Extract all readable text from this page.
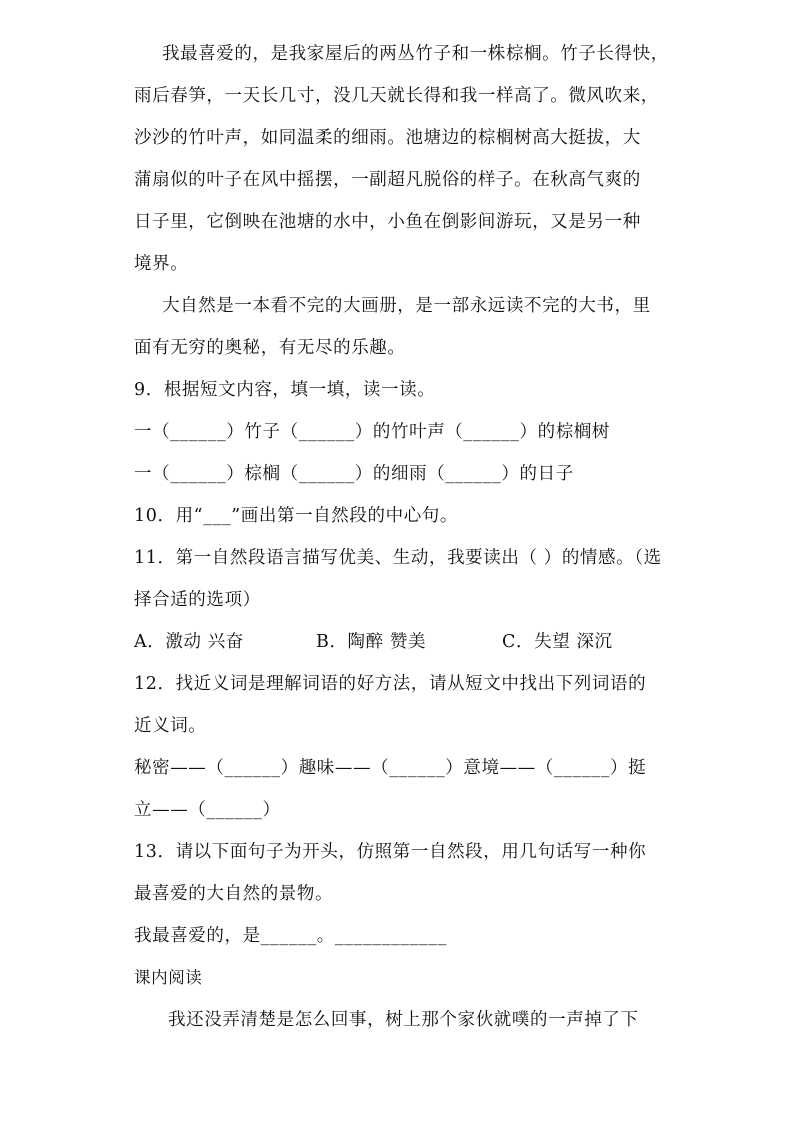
我最喜爱的，是我家屋后的两丛竹子和一株棕榈。竹子长得快，
雨后春笋，一天长几寸，没几天就长得和我一样高了。微风吹来，
沙沙的竹叶声，如同温柔的细雨。池塘边的棕榈树高大挺拔，大
蒲扇似的叶子在风中摇摆，一副超凡脱俗的样子。在秋高气爽的
日子里，它倒映在池塘的水中，小鱼在倒影间游玩，又是另一种
境界。
大自然是一本看不完的大画册，是一部永远读不完的大书，里
面有无穷的奥秘，有无尽的乐趣。
9．根据短文内容，填一填，读一读。
一（______）竹子（______）的竹叶声（______）的棕榈树
一（______）棕榈（______）的细雨（______）的日子
10．用“___”画出第一自然段的中心句。
11．第一自然段语言描写优美、生动，我要读出（ ）的情感。（选
择合适的选项）
A．激动 兴奋	B．陶醉 赞美	C．失望 深沉
12．找近义词是理解词语的好方法，请从短文中找出下列词语的
近义词。
秘密——（______）趣味——（______）意境——（______）挺
立——（______）
13．请以下面句子为开头，仿照第一自然段，用几句话写一种你
最喜爱的大自然的景物。
我最喜爱的，是______。____________
课内阅读
我还没弄清楚是怎么回事，树上那个家伙就噗的一声掉了下
